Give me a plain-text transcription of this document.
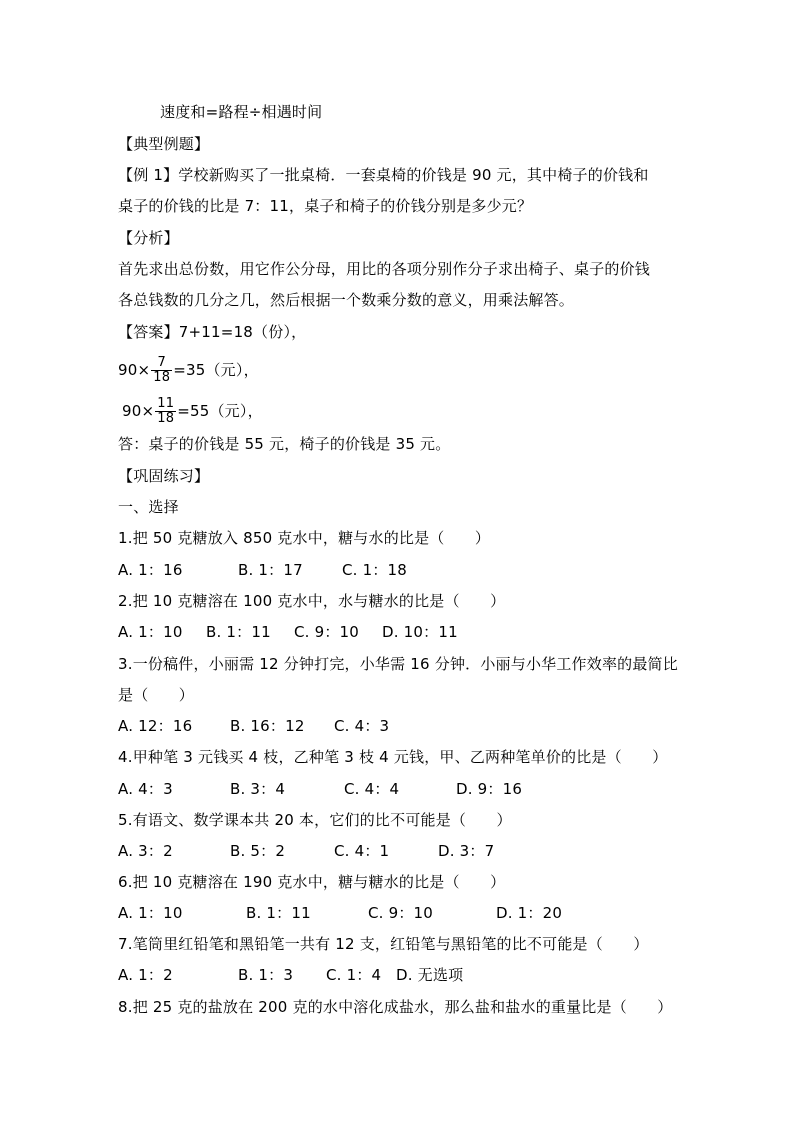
速度和=路程÷相遇时间
【典型例题】
【例 1】学校新购买了一批桌椅．一套桌椅的价钱是 90 元，其中椅子的价钱和
桌子的价钱的比是 7：11，桌子和椅子的价钱分别是多少元？
【分析】
首先求出总份数，用它作公分母，用比的各项分别作分子求出椅子、桌子的价钱
各总钱数的几分之几，然后根据一个数乘分数的意义，用乘法解答。
【答案】7+11=18（份），
$90\times \frac{7}{18} =35$（元），
$90\times \frac{11}{18} =55$（元），
答：桌子的价钱是 55 元，椅子的价钱是 35 元。
【巩固练习】
一、选择
1.把 50 克糖放入 850 克水中，糖与水的比是（　　）
A. 1：16	B. 1：17	C. 1：18
2.把 10 克糖溶在 100 克水中，水与糖水的比是（　　）
A. 1：10 B. 1：11 C. 9：10 D. 10：11
3.一份稿件，小丽需 12 分钟打完，小华需 16 分钟．小丽与小华工作效率的最简比
是（　　）
A. 12：16	B. 16：12 C. 4：3
4.甲种笔 3 元钱买 4 枝，乙种笔 3 枝 4 元钱，甲、乙两种笔单价的比是（　　）
A. 4：3	B. 3：4	C. 4：4	D. 9：16
5.有语文、数学课本共 20 本，它们的比不可能是（　　）
A. 3：2	B. 5：2	C. 4：1	D. 3：7
6.把 10 克糖溶在 190 克水中，糖与糖水的比是（　　）
A. 1：10	B. 1：11	C. 9：10	D. 1：20
7.笔筒里红铅笔和黑铅笔一共有 12 支，红铅笔与黑铅笔的比不可能是（　　）
A. 1：2	B. 1：3 C. 1：4 D. 无选项
8.把 25 克的盐放在 200 克的水中溶化成盐水，那么盐和盐水的重量比是（　　）
